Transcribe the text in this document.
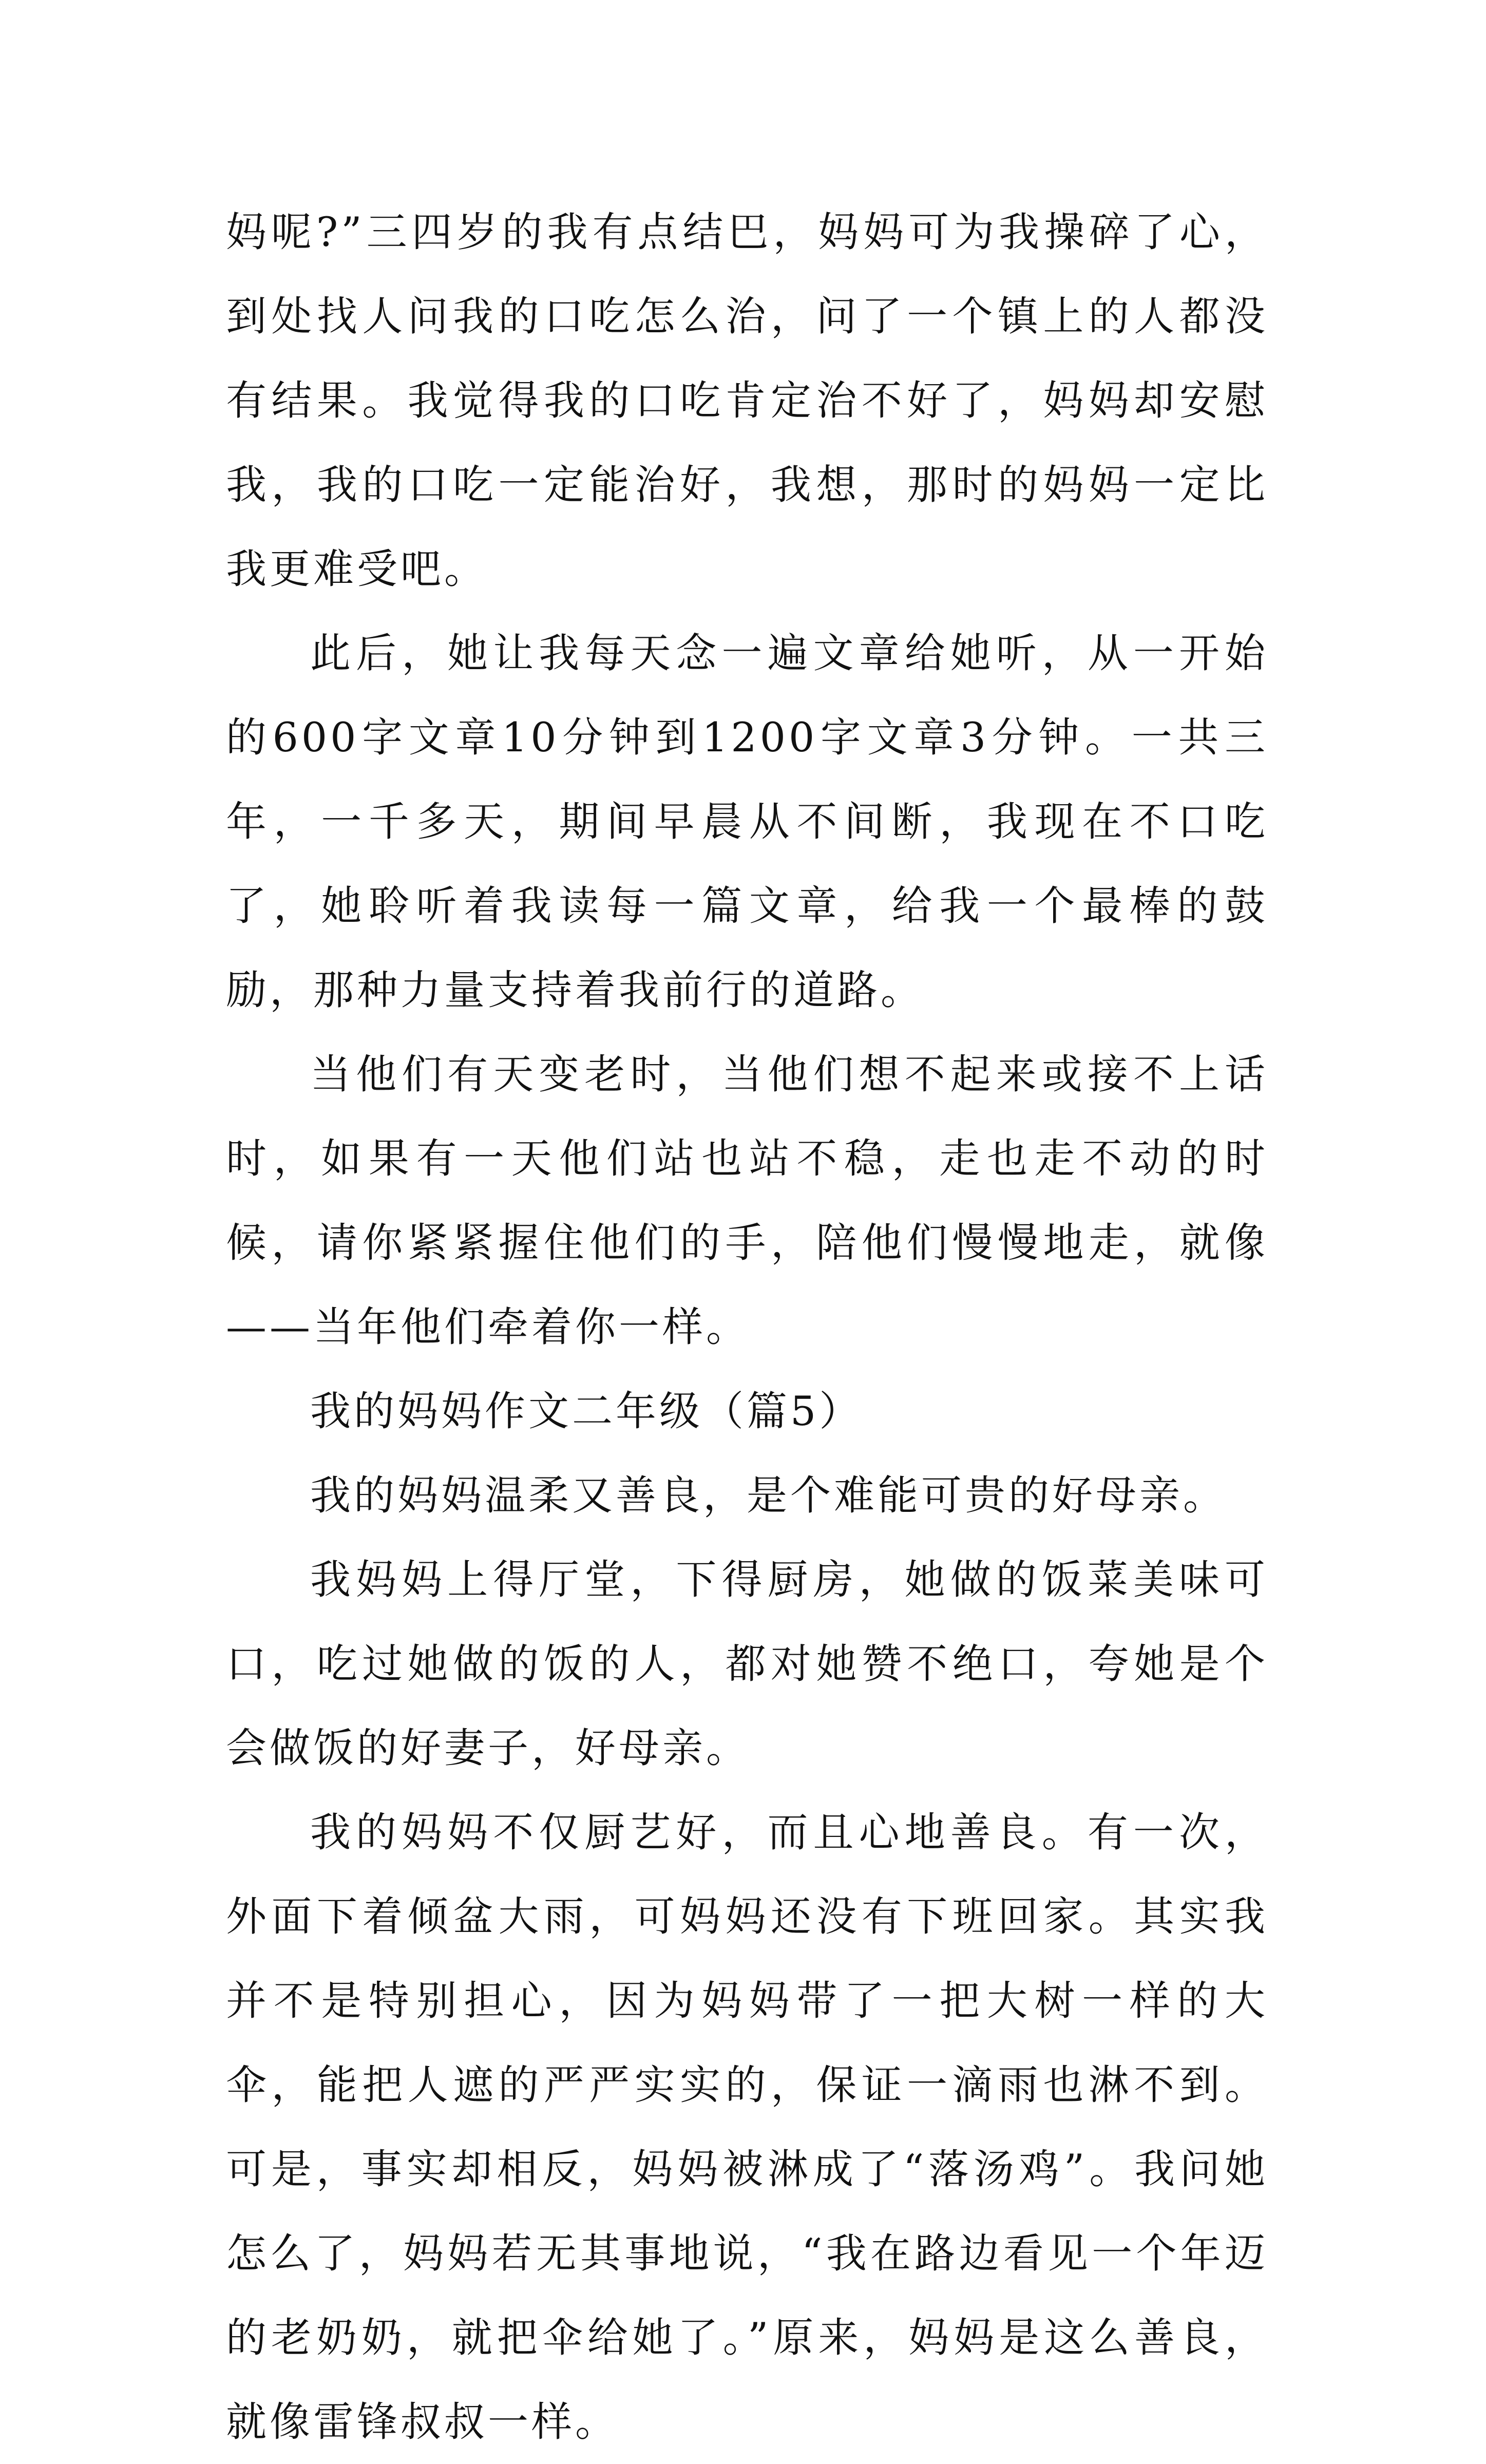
妈呢?”三四岁的我有点结巴，妈妈可为我操碎了心，到处找人问我的口吃怎么治，问了一个镇上的人都没有结果。我觉得我的口吃肯定治不好了，妈妈却安慰我，我的口吃一定能治好，我想，那时的妈妈一定比我更难受吧。

此后，她让我每天念一遍文章给她听，从一开始的600字文章10分钟到1200字文章3分钟。一共三年，一千多天，期间早晨从不间断，我现在不口吃了，她聆听着我读每一篇文章，给我一个最棒的鼓励，那种力量支持着我前行的道路。

当他们有天变老时，当他们想不起来或接不上话时，如果有一天他们站也站不稳，走也走不动的时候，请你紧紧握住他们的手，陪他们慢慢地走，就像——当年他们牵着你一样。

我的妈妈作文二年级（篇5）

我的妈妈温柔又善良，是个难能可贵的好母亲。

我妈妈上得厅堂，下得厨房，她做的饭菜美味可口，吃过她做的饭的人，都对她赞不绝口，夸她是个会做饭的好妻子，好母亲。

我的妈妈不仅厨艺好，而且心地善良。有一次，外面下着倾盆大雨，可妈妈还没有下班回家。其实我并不是特别担心，因为妈妈带了一把大树一样的大伞，能把人遮的严严实实的，保证一滴雨也淋不到。可是，事实却相反，妈妈被淋成了“落汤鸡”。我问她怎么了，妈妈若无其事地说，“我在路边看见一个年迈的老奶奶，就把伞给她了。”原来，妈妈是这么善良，就像雷锋叔叔一样。
